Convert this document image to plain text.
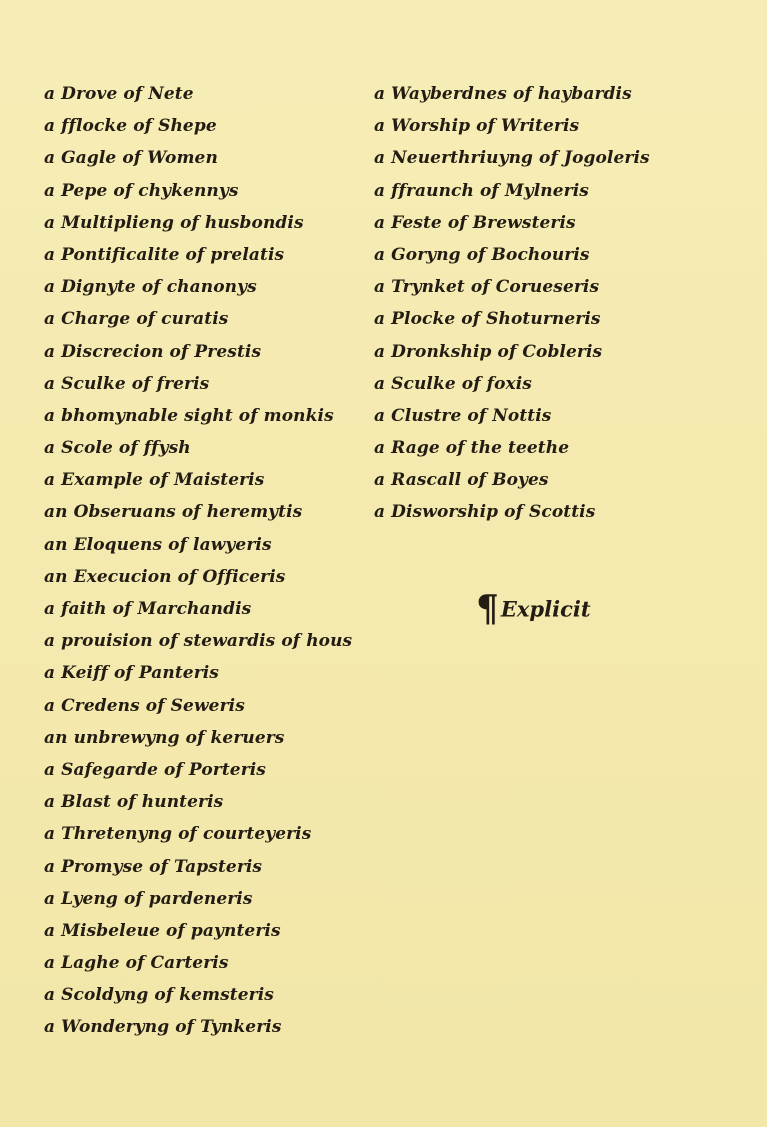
a Drove of Nete
a fflocke of Shepe
a Gagle of Women
a Pepe of chykennys
a Multiplieng of husbondis
a Pontificalite of prelatis
a Dignyte of chanonys
a Charge of curatis
a Discrecion of Prestis
a Sculke of freris
a bhomynable sight of monkis
a Scole of ffysh
a Example of Maisteris
an Obseruans of heremytis
an Eloquens of lawyeris
an Execucion of Officeris
a faith of Marchandis
a prouision of stewardis of hous
a Keiff of Panteris
a Credens of Seweris
an unbrewyng of keruers
a Safegarde of Porteris
a Blast of hunteris
a Thretenyng of courteyeris
a Promyse of Tapsteris
a Lyeng of pardeneris
a Misbeleue of paynteris
a Laghe of Carteris
a Scoldyng of kemsteris
a Wonderyng of Tynkeris
a Wayberdnes of haybardis
a Worship of Writeris
a Neuerthriuyng of Jogoleris
a ffraunch of Mylneris
a Feste of Brewsteris
a Goryng of Bochouris
a Trynket of Corueseris
a Plocke of Shoturneris
a Dronkship of Cobleris
a Sculke of foxis
a Clustre of Nottis
a Rage of the teethe
a Rascall of Boyes
a Disworship of Scottis
¶Explicit
